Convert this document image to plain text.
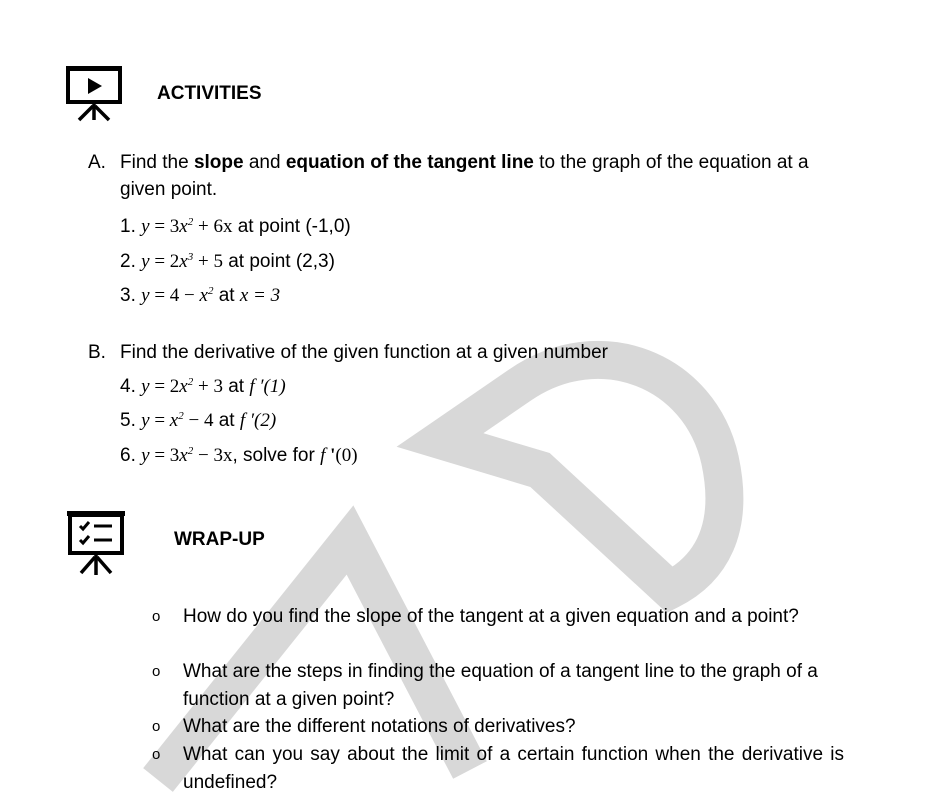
ACTIVITIES
A. Find the slope and equation of the tangent line to the graph of the equation at a given point.
1. $y = 3x^2 + 6x$ at point (-1,0)
2. $y = 2x^3 + 5$ at point (2,3)
3. $y = 4 - x^2$ at x = 3
B. Find the derivative of the given function at a given number
4. $y = 2x^2 + 3$ at f ′(1)
5. $y = x^2 - 4$ at f ′(2)
6. $y = 3x^2 - 3x$, solve for f '(0)
WRAP-UP
o How do you find the slope of the tangent at a given equation and a point?
o What are the steps in finding the equation of a tangent line to the graph of a function at a given point?
o What are the different notations of derivatives?
o What can you say about the limit of a certain function when the derivative is undefined?
